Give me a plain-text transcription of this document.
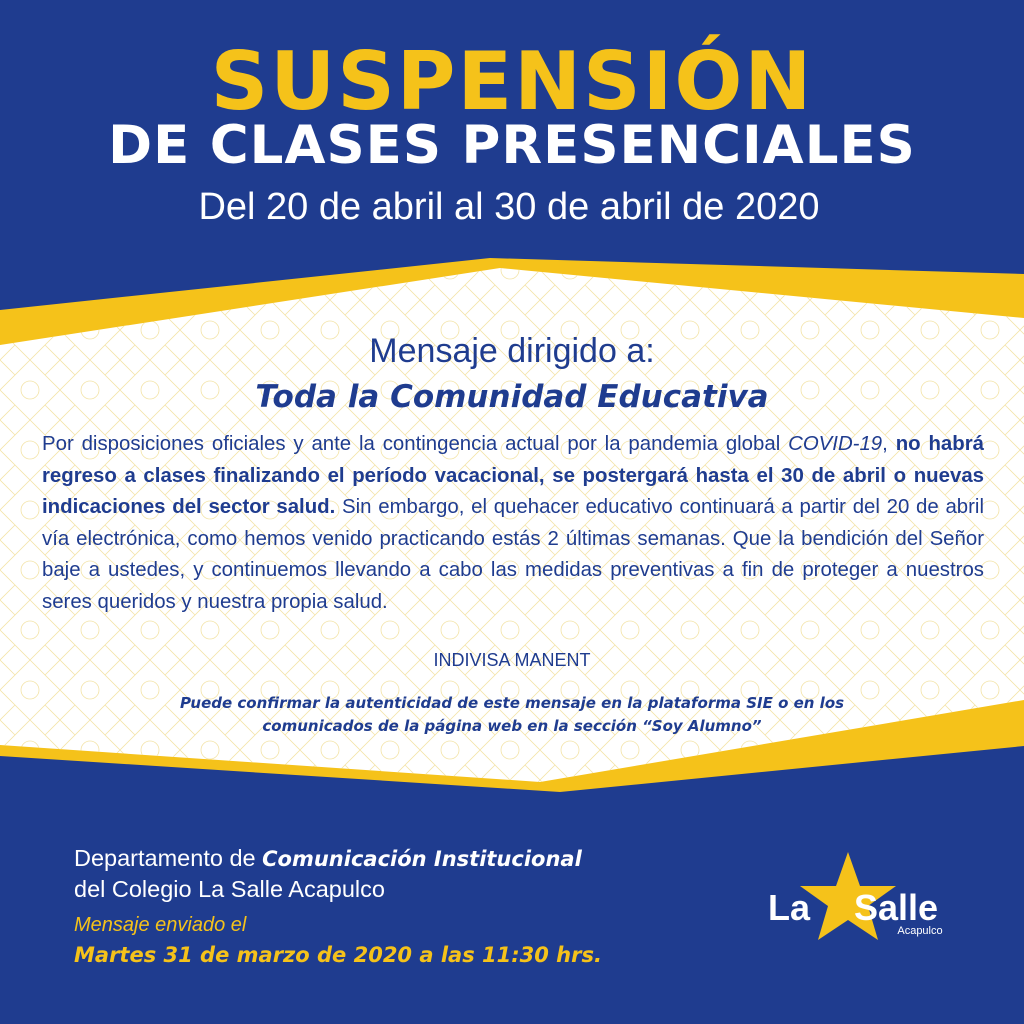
SUSPENSIÓN
DE CLASES PRESENCIALES
Del 20 de abril al 30 de abril de 2020
Mensaje dirigido a:
Toda la Comunidad Educativa
Por disposiciones oficiales y ante la contingencia actual por la pandemia global COVID-19, no habrá regreso a clases finalizando el período vacacional, se postergará hasta el 30 de abril o nuevas indicaciones del sector salud. Sin embargo, el quehacer educativo continuará a partir del 20 de abril vía electrónica, como hemos venido practicando estás 2 últimas semanas. Que la bendición del Señor baje a ustedes, y continuemos llevando a cabo las medidas preventivas a fin de proteger a nuestros seres queridos y nuestra propia salud.
INDIVISA MANENT
Puede confirmar la autenticidad de este mensaje en la plataforma SIE o en los
comunicados de la página web en la sección “Soy Alumno”
Departamento de Comunicación Institucional
del Colegio La Salle Acapulco
Mensaje enviado el
Martes 31 de marzo de 2020 a las 11:30 hrs.
La Salle
Acapulco
